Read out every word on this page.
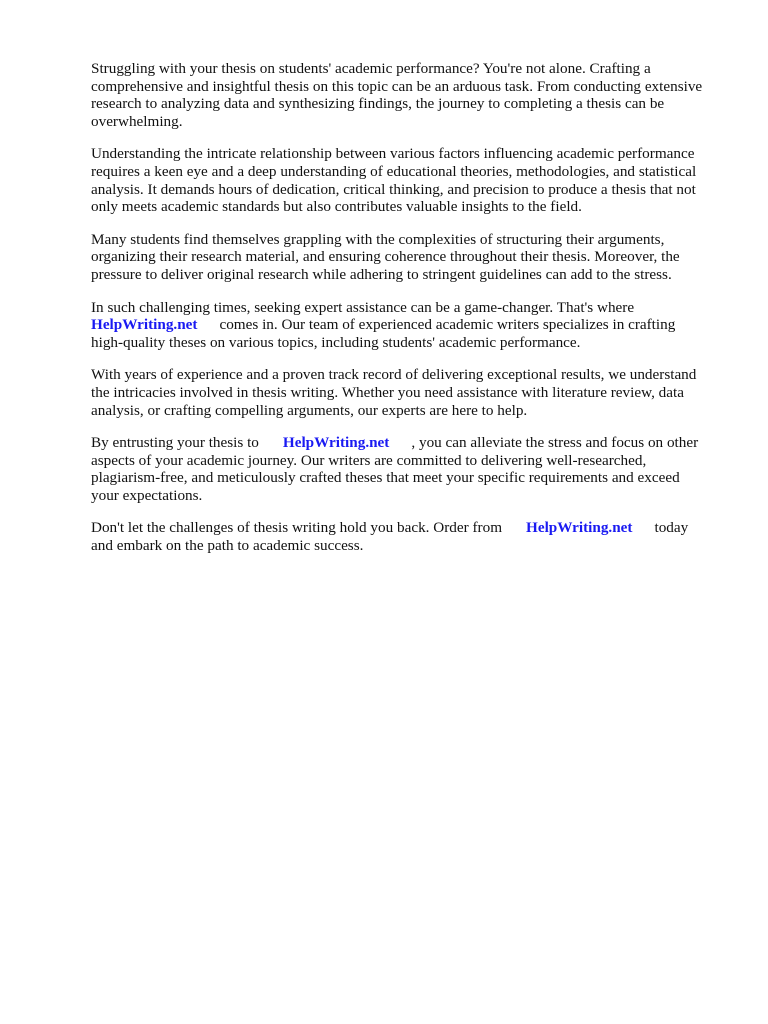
Struggling with your thesis on students' academic performance? You're not alone. Crafting a
comprehensive and insightful thesis on this topic can be an arduous task. From conducting extensive
research to analyzing data and synthesizing findings, the journey to completing a thesis can be
overwhelming.

Understanding the intricate relationship between various factors influencing academic performance
requires a keen eye and a deep understanding of educational theories, methodologies, and statistical
analysis. It demands hours of dedication, critical thinking, and precision to produce a thesis that not
only meets academic standards but also contributes valuable insights to the field.

Many students find themselves grappling with the complexities of structuring their arguments,
organizing their research material, and ensuring coherence throughout their thesis. Moreover, the
pressure to deliver original research while adhering to stringent guidelines can add to the stress.

In such challenging times, seeking expert assistance can be a game-changer. That's where
HelpWriting.net comes in. Our team of experienced academic writers specializes in crafting
high-quality theses on various topics, including students' academic performance.

With years of experience and a proven track record of delivering exceptional results, we understand
the intricacies involved in thesis writing. Whether you need assistance with literature review, data
analysis, or crafting compelling arguments, our experts are here to help.

By entrusting your thesis to HelpWriting.net , you can alleviate the stress and focus on other
aspects of your academic journey. Our writers are committed to delivering well-researched,
plagiarism-free, and meticulously crafted theses that meet your specific requirements and exceed
your expectations.

Don't let the challenges of thesis writing hold you back. Order from HelpWriting.net today
and embark on the path to academic success.
